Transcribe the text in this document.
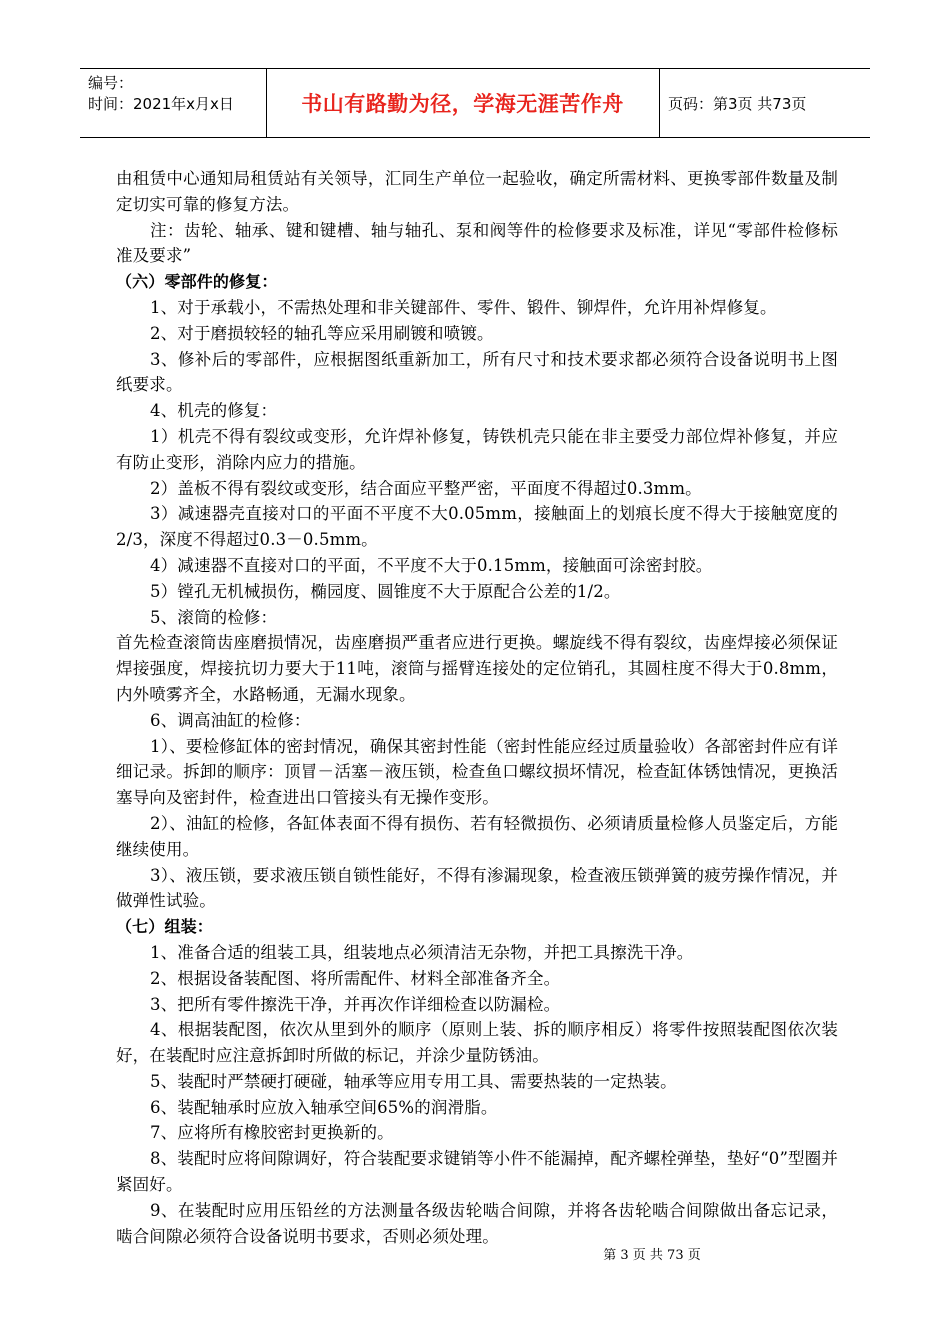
编号：
时间：2021年x月x日	书山有路勤为径，学海无涯苦作舟	页码：第3页 共73页

由租赁中心通知局租赁站有关领导，汇同生产单位一起验收，确定所需材料、更换零部件数量及制定切实可靠的修复方法。

注：齿轮、轴承、键和键槽、轴与轴孔、泵和阀等件的检修要求及标准，详见“零部件检修标准及要求”

（六）零部件的修复：

1、对于承载小，不需热处理和非关键部件、零件、锻件、铆焊件，允许用补焊修复。

2、对于磨损较轻的轴孔等应采用刷镀和喷镀。

3、修补后的零部件，应根据图纸重新加工，所有尺寸和技术要求都必须符合设备说明书上图纸要求。

4、机壳的修复：

1）机壳不得有裂纹或变形，允许焊补修复，铸铁机壳只能在非主要受力部位焊补修复，并应有防止变形，消除内应力的措施。

2）盖板不得有裂纹或变形，结合面应平整严密，平面度不得超过0.3mm。

3）减速器壳直接对口的平面不平度不大0.05mm，接触面上的划痕长度不得大于接触宽度的2/3，深度不得超过0.3－0.5mm。

4）减速器不直接对口的平面，不平度不大于0.15mm，接触面可涂密封胶。

5）镗孔无机械损伤，椭园度、圆锥度不大于原配合公差的1/2。

5、滚筒的检修：

首先检查滚筒齿座磨损情况，齿座磨损严重者应进行更换。螺旋线不得有裂纹，齿座焊接必须保证焊接强度，焊接抗切力要大于11吨，滚筒与摇臂连接处的定位销孔，其圆柱度不得大于0.8mm，内外喷雾齐全，水路畅通，无漏水现象。

6、调高油缸的检修：

1）、要检修缸体的密封情况，确保其密封性能（密封性能应经过质量验收）各部密封件应有详细记录。拆卸的顺序：顶冒－活塞－液压锁，检查鱼口螺纹损坏情况，检查缸体锈蚀情况，更换活塞导向及密封件，检查进出口管接头有无操作变形。

2）、油缸的检修，各缸体表面不得有损伤、若有轻微损伤、必须请质量检修人员鉴定后，方能继续使用。

3）、液压锁，要求液压锁自锁性能好，不得有渗漏现象，检查液压锁弹簧的疲劳操作情况，并做弹性试验。

（七）组装：

1、准备合适的组装工具，组装地点必须清洁无杂物，并把工具擦洗干净。

2、根据设备装配图、将所需配件、材料全部准备齐全。

3、把所有零件擦洗干净，并再次作详细检查以防漏检。

4、根据装配图，依次从里到外的顺序（原则上装、拆的顺序相反）将零件按照装配图依次装好，在装配时应注意拆卸时所做的标记，并涂少量防锈油。

5、装配时严禁硬打硬碰，轴承等应用专用工具、需要热装的一定热装。

6、装配轴承时应放入轴承空间65%的润滑脂。

7、应将所有橡胶密封更换新的。

8、装配时应将间隙调好，符合装配要求键销等小件不能漏掉，配齐螺栓弹垫，垫好“0”型圈并紧固好。

9、在装配时应用压铅丝的方法测量各级齿轮啮合间隙，并将各齿轮啮合间隙做出备忘记录，啮合间隙必须符合设备说明书要求，否则必须处理。

第 3 页 共 73 页
